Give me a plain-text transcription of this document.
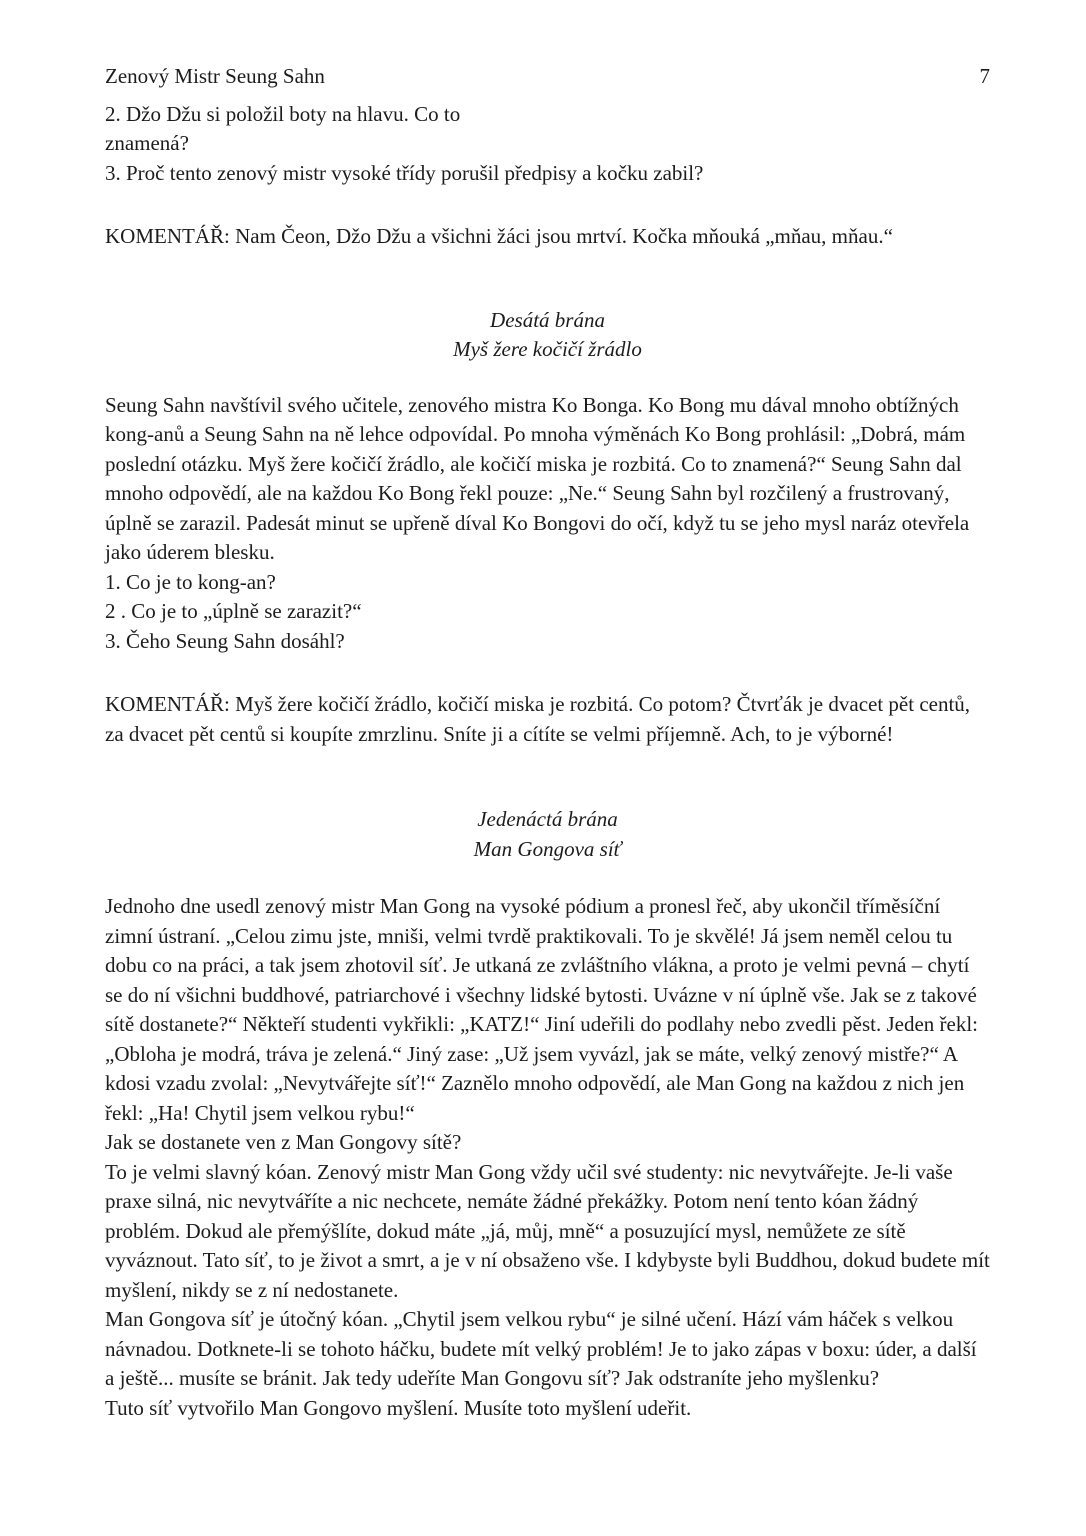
Zenový Mistr Seung Sahn	7

2. Džo Džu si položil boty na hlavu. Co to

znamená?

3. Proč tento zenový mistr vysoké třídy porušil předpisy a kočku zabil?

KOMENTÁŘ: Nam Čeon, Džo Džu a všichni žáci jsou mrtví. Kočka mňouká „mňau, mňau.“

Desátá brána

Myš žere kočičí žrádlo

Seung Sahn navštívil svého učitele, zenového mistra Ko Bonga. Ko Bong mu dával mnoho obtížných kong-anů a Seung Sahn na ně lehce odpovídal. Po mnoha výměnách Ko Bong prohlásil: „Dobrá, mám poslední otázku. Myš žere kočičí žrádlo, ale kočičí miska je rozbitá. Co to znamená?“ Seung Sahn dal mnoho odpovědí, ale na každou Ko Bong řekl pouze: „Ne.“ Seung Sahn byl rozčilený a frustrovaný, úplně se zarazil. Padesát minut se upřeně díval Ko Bongovi do očí, když tu se jeho mysl naráz otevřela jako úderem blesku.

1. Co je to kong-an?

2 . Co je to „úplně se zarazit?“

3. Čeho Seung Sahn dosáhl?

KOMENTÁŘ: Myš žere kočičí žrádlo, kočičí miska je rozbitá. Co potom? Čtvrťák je dvacet pět centů, za dvacet pět centů si koupíte zmrzlinu. Sníte ji a cítíte se velmi příjemně. Ach, to je výborné!

Jedenáctá brána

Man Gongova síť

Jednoho dne usedl zenový mistr Man Gong na vysoké pódium a pronesl řeč, aby ukončil tříměsíční zimní ústraní. „Celou zimu jste, mniši, velmi tvrdě praktikovali. To je skvělé! Já jsem neměl celou tu dobu co na práci, a tak jsem zhotovil síť. Je utkaná ze zvláštního vlákna, a proto je velmi pevná – chytí se do ní všichni buddhové, patriarchové i všechny lidské bytosti. Uvázne v ní úplně vše. Jak se z takové sítě dostanete?“ Někteří studenti vykřikli: „KATZ!“ Jiní udeřili do podlahy nebo zvedli pěst. Jeden řekl: „Obloha je modrá, tráva je zelená.“ Jiný zase: „Už jsem vyvázl, jak se máte, velký zenový mistře?“ A kdosi vzadu zvolal: „Nevytvářejte síť!“ Zaznělo mnoho odpovědí, ale Man Gong na každou z nich jen řekl: „Ha! Chytil jsem velkou rybu!“

Jak se dostanete ven z Man Gongovy sítě?

To je velmi slavný kóan. Zenový mistr Man Gong vždy učil své studenty: nic nevytvářejte. Je-li vaše praxe silná, nic nevytváříte a nic nechcete, nemáte žádné překážky. Potom není tento kóan žádný problém. Dokud ale přemýšlíte, dokud máte „já, můj, mně“ a posuzující mysl, nemůžete ze sítě vyváznout. Tato síť, to je život a smrt, a je v ní obsaženo vše. I kdybyste byli Buddhou, dokud budete mít myšlení, nikdy se z ní nedostanete.

Man Gongova síť je útočný kóan. „Chytil jsem velkou rybu“ je silné učení. Hází vám háček s velkou návnadou. Dotknete-li se tohoto háčku, budete mít velký problém! Je to jako zápas v boxu: úder, a další a ještě... musíte se bránit. Jak tedy udeříte Man Gongovu síť? Jak odstraníte jeho myšlenku?

Tuto síť vytvořilo Man Gongovo myšlení. Musíte toto myšlení udeřit.
